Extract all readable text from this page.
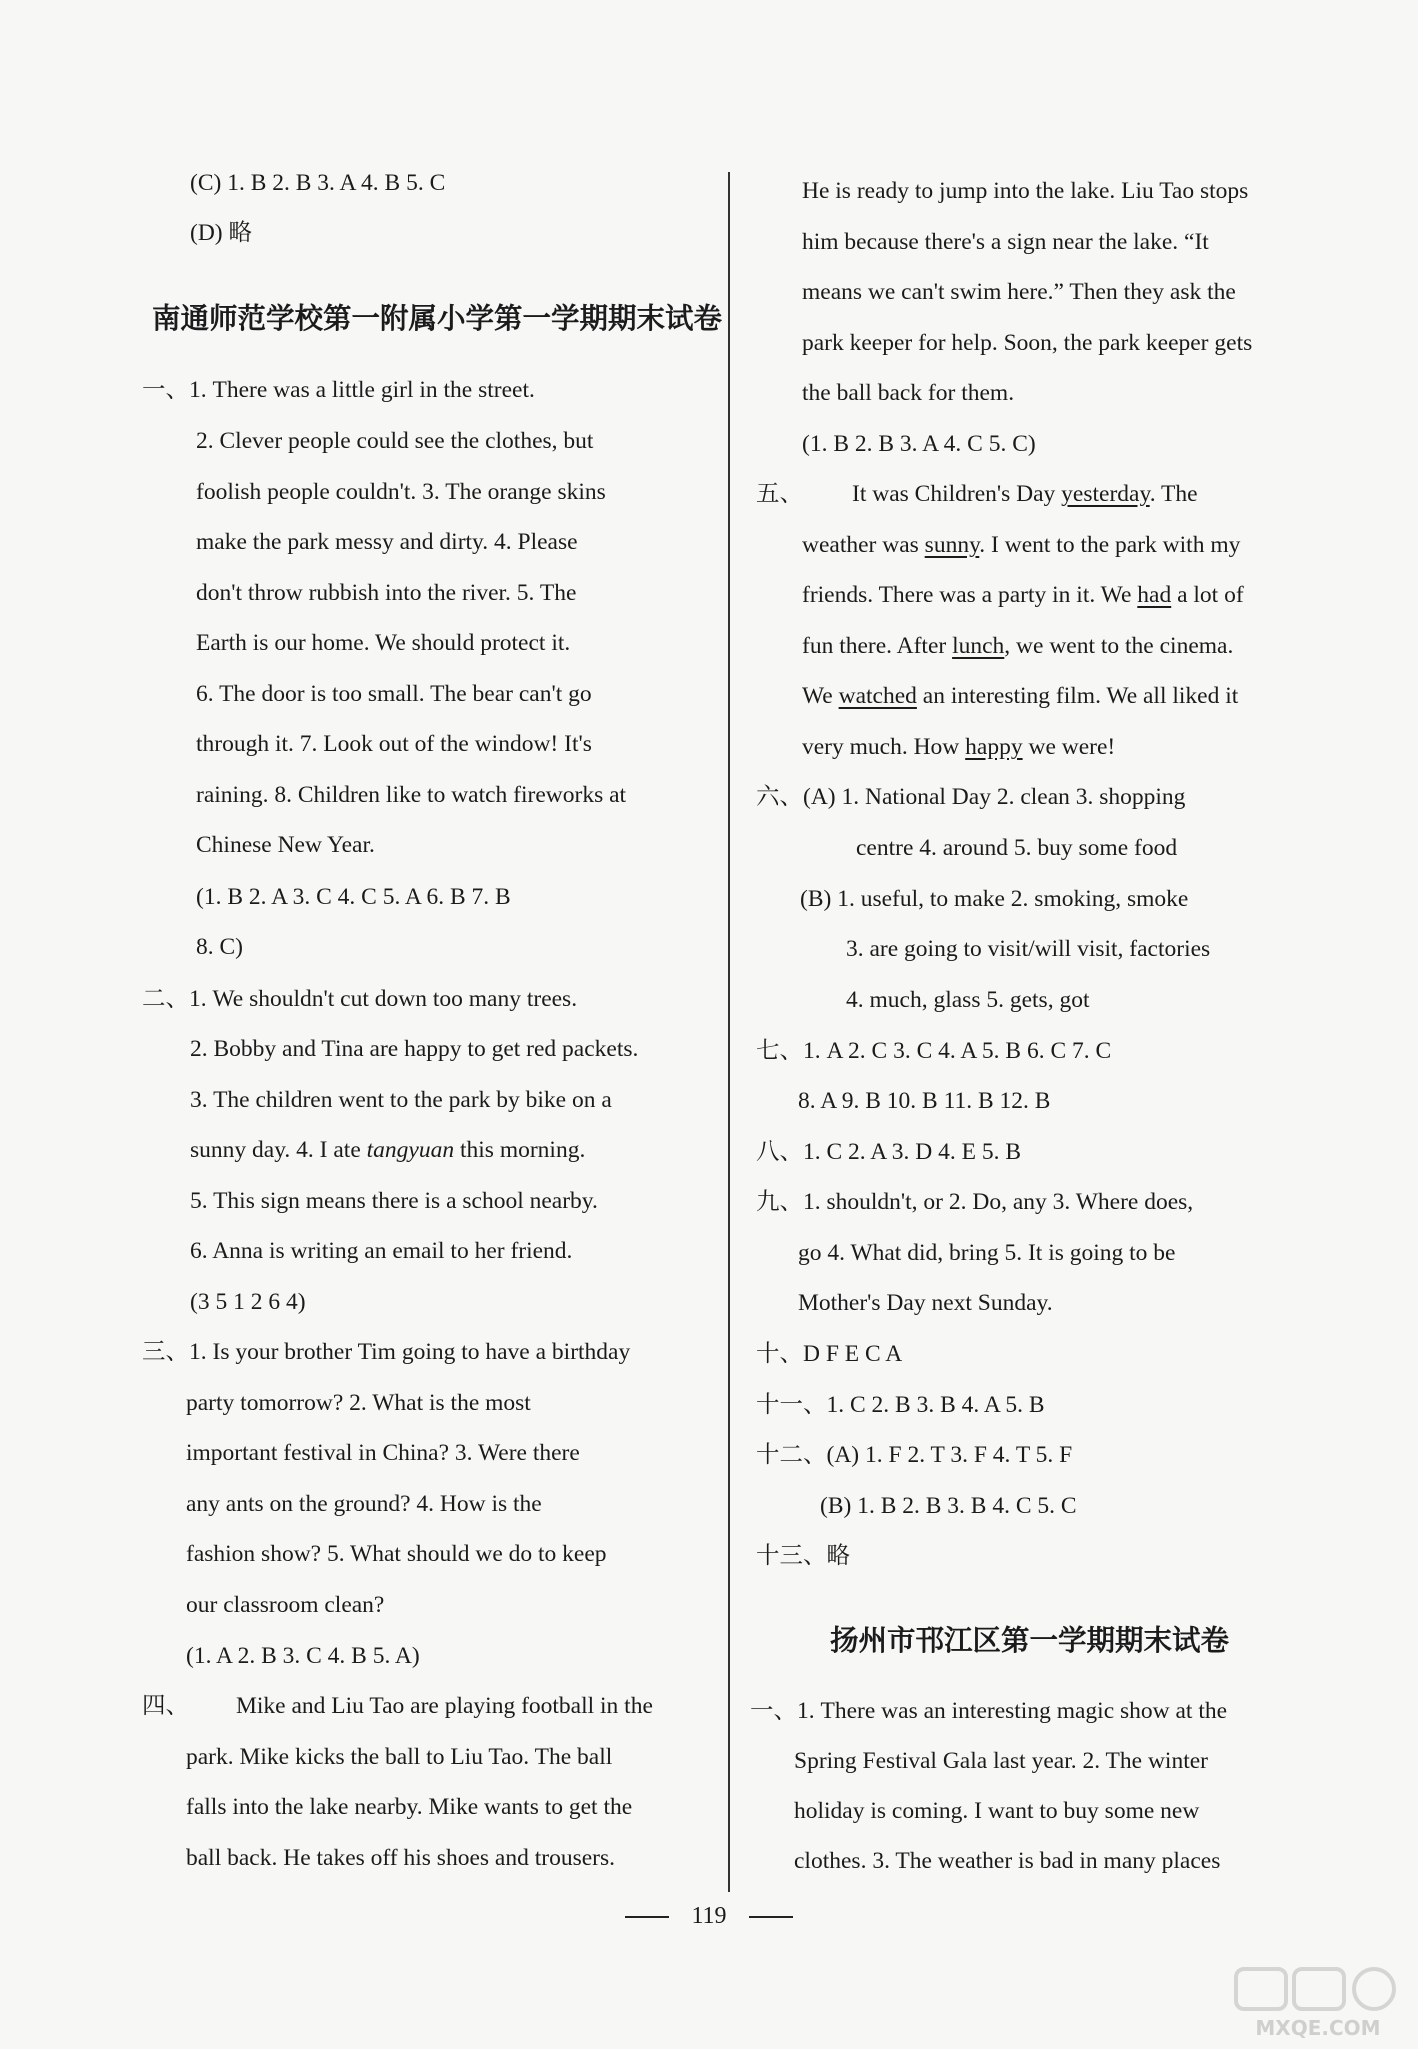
(C) 1. B 2. B 3. A 4. B 5. C
(D) 略
南通师范学校第一附属小学第一学期期末试卷
一、1. There was a little girl in the street.
2. Clever people could see the clothes, but
foolish people couldn't. 3. The orange skins
make the park messy and dirty. 4. Please
don't throw rubbish into the river. 5. The
Earth is our home. We should protect it.
6. The door is too small. The bear can't go
through it. 7. Look out of the window! It's
raining. 8. Children like to watch fireworks at
Chinese New Year.
(1. B 2. A 3. C 4. C 5. A 6. B 7. B
8. C)
二、1. We shouldn't cut down too many trees.
2. Bobby and Tina are happy to get red packets.
3. The children went to the park by bike on a
sunny day. 4. I ate tangyuan this morning.
5. This sign means there is a school nearby.
6. Anna is writing an email to her friend.
(3 5 1 2 6 4)
三、1. Is your brother Tim going to have a birthday
party tomorrow? 2. What is the most
important festival in China? 3. Were there
any ants on the ground? 4. How is the
fashion show? 5. What should we do to keep
our classroom clean?
(1. A 2. B 3. C 4. B 5. A)
四、 Mike and Liu Tao are playing football in the
park. Mike kicks the ball to Liu Tao. The ball
falls into the lake nearby. Mike wants to get the
ball back. He takes off his shoes and trousers.
He is ready to jump into the lake. Liu Tao stops
him because there's a sign near the lake. “It
means we can't swim here.” Then they ask the
park keeper for help. Soon, the park keeper gets
the ball back for them.
(1. B 2. B 3. A 4. C 5. C)
五、 It was Children's Day yesterday. The
weather was sunny. I went to the park with my
friends. There was a party in it. We had a lot of
fun there. After lunch, we went to the cinema.
We watched an interesting film. We all liked it
very much. How happy we were!
六、(A) 1. National Day 2. clean 3. shopping
centre 4. around 5. buy some food
(B) 1. useful, to make 2. smoking, smoke
3. are going to visit/will visit, factories
4. much, glass 5. gets, got
七、1. A 2. C 3. C 4. A 5. B 6. C 7. C
8. A 9. B 10. B 11. B 12. B
八、1. C 2. A 3. D 4. E 5. B
九、1. shouldn't, or 2. Do, any 3. Where does,
go 4. What did, bring 5. It is going to be
Mother's Day next Sunday.
十、D F E C A
十一、1. C 2. B 3. B 4. A 5. B
十二、(A) 1. F 2. T 3. F 4. T 5. F
(B) 1. B 2. B 3. B 4. C 5. C
十三、略
扬州市邗江区第一学期期末试卷
一、1. There was an interesting magic show at the
Spring Festival Gala last year. 2. The winter
holiday is coming. I want to buy some new
clothes. 3. The weather is bad in many places
119
MXQE.COM
